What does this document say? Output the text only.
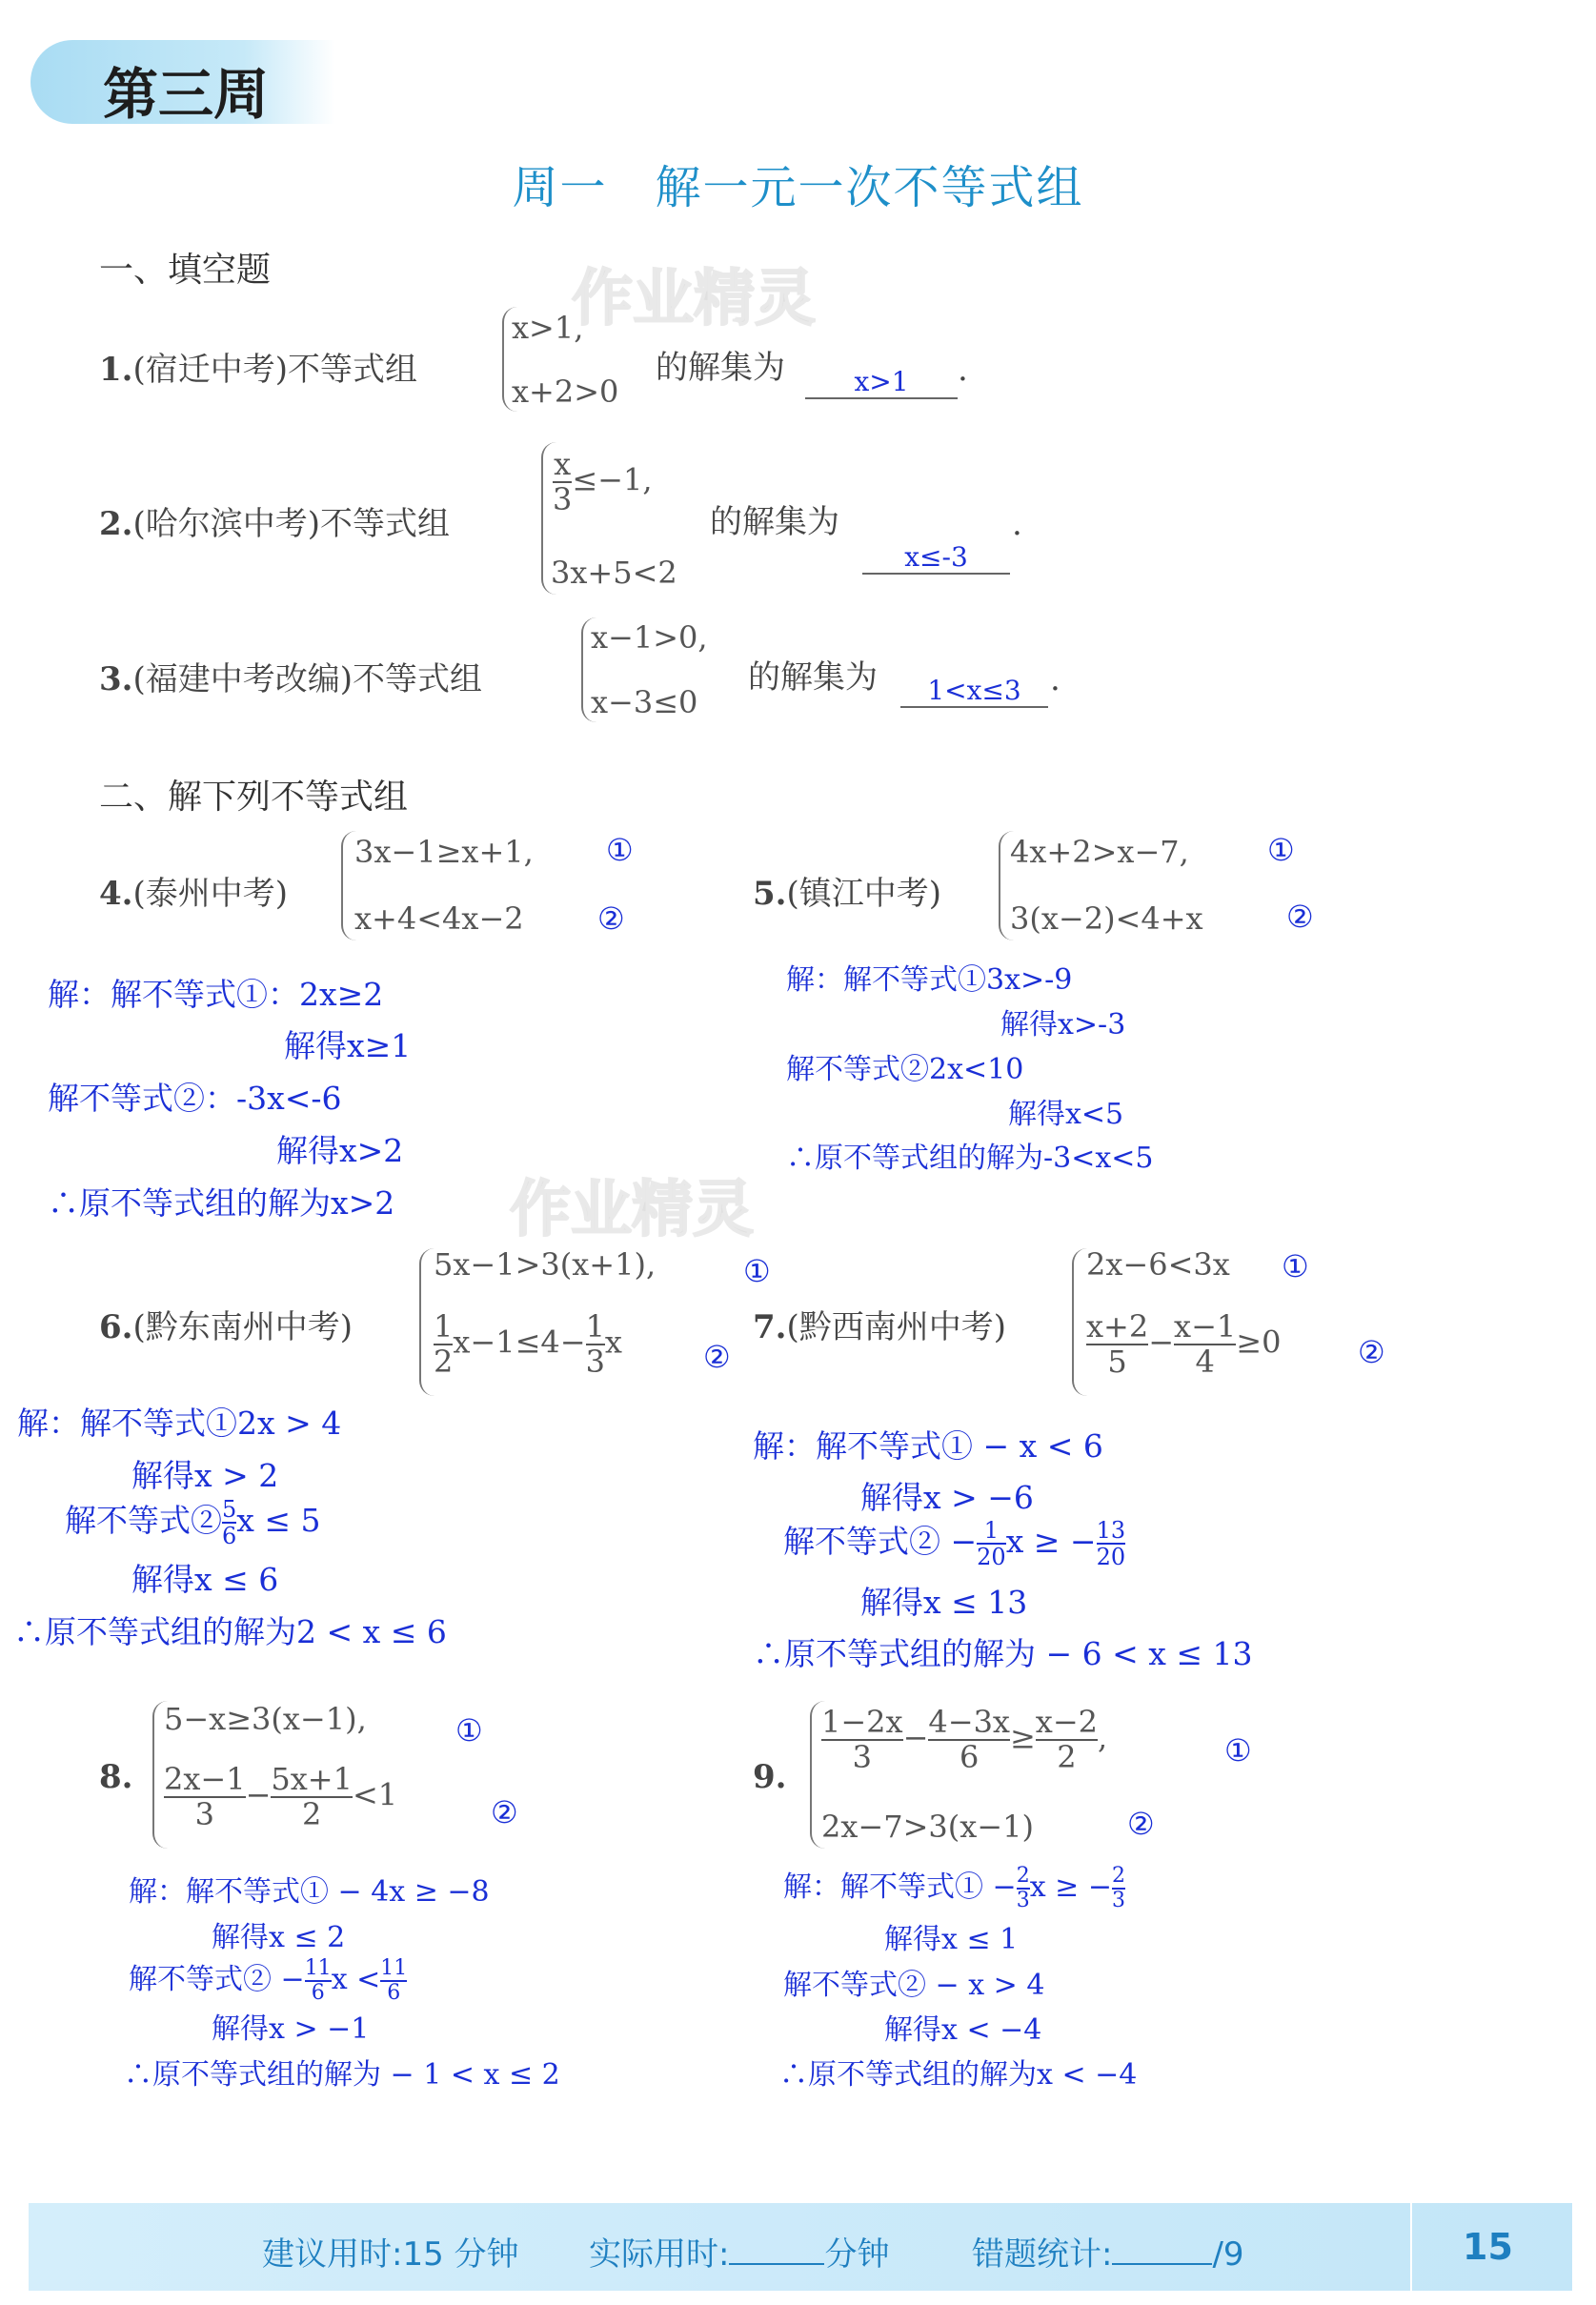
第三周
周一　解一元一次不等式组
作业精灵
作业精灵
一、填空题
1.(宿迁中考)不等式组
x>1,
x+2>0
的解集为	x>1	.
2.(哈尔滨中考)不等式组
$\frac{x}{3} \le-1$,
3x+5<2
的解集为
x≤-3
.
3.(福建中考改编)不等式组
x−1>0,
x−3≤0
的解集为	1<x≤3 .
二、解下列不等式组
4.(泰州中考)
3x−1≥x+1, ①
x+4<4x−2 ②
解：解不等式①：2x≥2
解得x≥1
解不等式②：-3x<-6
解得x>2
∴原不等式组的解为x>2
5.(镇江中考)
4x+2>x−7,	①
3(x−2)<4+x	②
解：解不等式①3x>-9
解得x>-3
解不等式②2x<10
解得x<5
∴原不等式组的解为-3<x<5
6.(黔东南州中考)
5x−1>3(x+1),	①
$\frac{1}{2} x-1\le 4- \frac{1}{3}$ x	②
解：解不等式①2x > 4
解得x > 2
解不等式② $\frac{5}{6}$ x ≤ 5
解得x ≤ 6
∴原不等式组的解为2 < x ≤ 6
7.(黔西南州中考)
2x−6<3x ①
$\frac{x+2}{5} - \frac{x-1}{4} \ge 0$	②
解：解不等式① − x < 6
解得x > −6
解不等式② − $\frac{1}{20}$ x ≥ − $\frac{13}{20}$
解得x ≤ 13
∴原不等式组的解为 − 6 < x ≤ 13
8.
5−x≥3(x−1),	①
$\frac{2x-1}{3} - \frac{5x+1}{2} <1$	②
解：解不等式① − 4x ≥ −8
解得x ≤ 2
解不等式② − $\frac{11}{6}$ $x < \frac{11}{6}$
解得x > −1
∴原不等式组的解为 − 1 < x ≤ 2
9.
$\frac{1-2x}{3} - \frac{4-3x}{6} \ge \frac{x-2}{2}$ ,	①
2x−7>3(x−1)	②
解：解不等式① − $\frac{2}{3}$ x ≥ − $\frac{2}{3}$
解得x ≤ 1
解不等式② − x > 4
解得x < −4
∴原不等式组的解为x < −4
建议用时:15 分钟 实际用时:	分钟	错题统计:	/9	15
